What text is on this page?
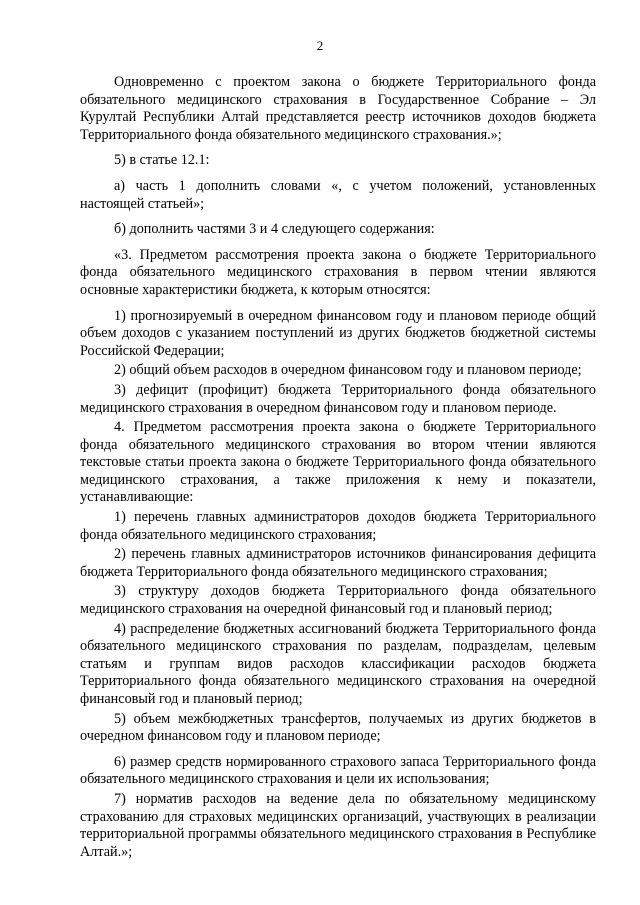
2

Одновременно с проектом закона о бюджете Территориального фонда обязательного медицинского страхования в Государственное Собрание – Эл Курултай Республики Алтай представляется реестр источников доходов бюджета Территориального фонда обязательного медицинского страхования.»;

5) в статье 12.1:

а) часть 1 дополнить словами «, с учетом положений, установленных настоящей статьей»;

б) дополнить частями 3 и 4 следующего содержания:

«3. Предметом рассмотрения проекта закона о бюджете Территориального фонда обязательного медицинского страхования в первом чтении являются основные характеристики бюджета, к которым относятся:

1) прогнозируемый в очередном финансовом году и плановом периоде общий объем доходов с указанием поступлений из других бюджетов бюджетной системы Российской Федерации;

2) общий объем расходов в очередном финансовом году и плановом периоде;

3) дефицит (профицит) бюджета Территориального фонда обязательного медицинского страхования в очередном финансовом году и плановом периоде.

4. Предметом рассмотрения проекта закона о бюджете Территориального фонда обязательного медицинского страхования во втором чтении являются текстовые статьи проекта закона о бюджете Территориального фонда обязательного медицинского страхования, а также приложения к нему и показатели, устанавливающие:

1) перечень главных администраторов доходов бюджета Территориального фонда обязательного медицинского страхования;

2) перечень главных администраторов источников финансирования дефицита бюджета Территориального фонда обязательного медицинского страхования;

3) структуру доходов бюджета Территориального фонда обязательного медицинского страхования на очередной финансовый год и плановый период;

4) распределение бюджетных ассигнований бюджета Территориального фонда обязательного медицинского страхования по разделам, подразделам, целевым статьям и группам видов расходов классификации расходов бюджета Территориального фонда обязательного медицинского страхования на очередной финансовый год и плановый период;

5) объем межбюджетных трансфертов, получаемых из других бюджетов в очередном финансовом году и плановом периоде;

6) размер средств нормированного страхового запаса Территориального фонда обязательного медицинского страхования и цели их использования;

7) норматив расходов на ведение дела по обязательному медицинскому страхованию для страховых медицинских организаций, участвующих в реализации территориальной программы обязательного медицинского страхования в Республике Алтай.»;
